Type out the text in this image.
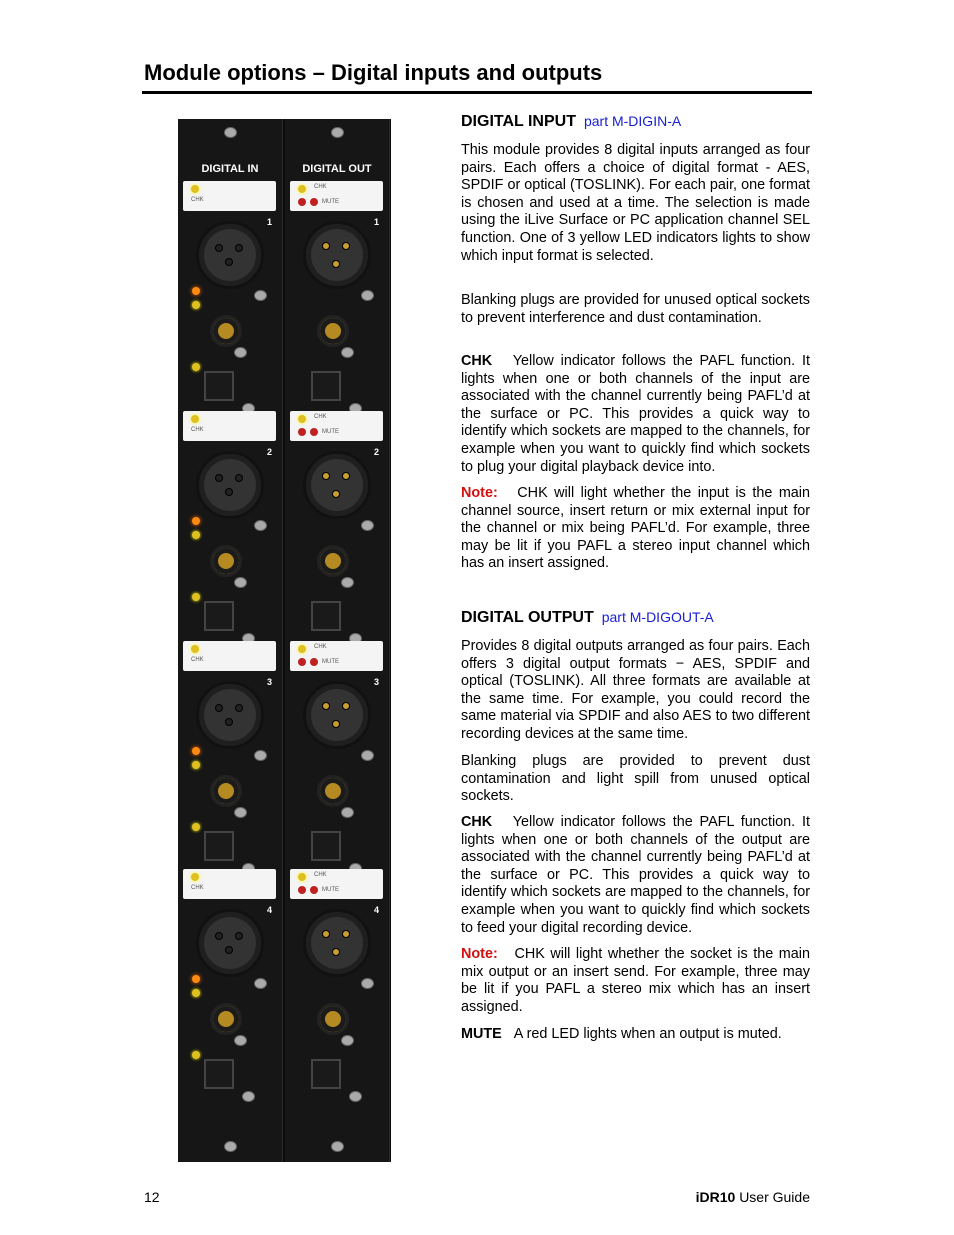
Module options – Digital inputs and outputs
DIGITAL IN
CHK
1
CHK
2
CHK
3
CHK
4
DIGITAL OUT
CHK
MUTE
1
CHK
MUTE
2
CHK
MUTE
3
CHK
MUTE
4
DIGITAL INPUT part M-DIGIN-A

This module provides 8 digital inputs arranged as four pairs. Each offers a choice of digital format - AES, SPDIF or optical (TOSLINK). For each pair, one format is chosen and used at a time. The selection is made using the iLive Surface or PC application channel SEL function. One of 3 yellow LED indicators lights to show which input format is selected.

Blanking plugs are provided for unused optical sockets to prevent interference and dust contamination.

CHK Yellow indicator follows the PAFL function. It lights when one or both channels of the input are associated with the channel currently being PAFL’d at the surface or PC. This provides a quick way to identify which sockets are mapped to the channels, for example when you want to quickly find which sockets to plug your digital playback device into.

Note: CHK will light whether the input is the main channel source, insert return or mix external input for the channel or mix being PAFL’d. For example, three may be lit if you PAFL a stereo input channel which has an insert assigned.

DIGITAL OUTPUT part M-DIGOUT-A

Provides 8 digital outputs arranged as four pairs. Each offers 3 digital output formats − AES, SPDIF and optical (TOSLINK). All three formats are available at the same time. For example, you could record the same material via SPDIF and also AES to two different recording devices at the same time.

Blanking plugs are provided to prevent dust contamination and light spill from unused optical sockets.

CHK Yellow indicator follows the PAFL function. It lights when one or both channels of the output are associated with the channel currently being PAFL’d at the surface or PC. This provides a quick way to identify which sockets are mapped to the channels, for example when you want to quickly find which sockets to feed your digital recording device.

Note: CHK will light whether the socket is the main mix output or an insert send. For example, three may be lit if you PAFL a stereo mix which has an insert assigned.

MUTE A red LED lights when an output is muted.

12	iDR10 User Guide
